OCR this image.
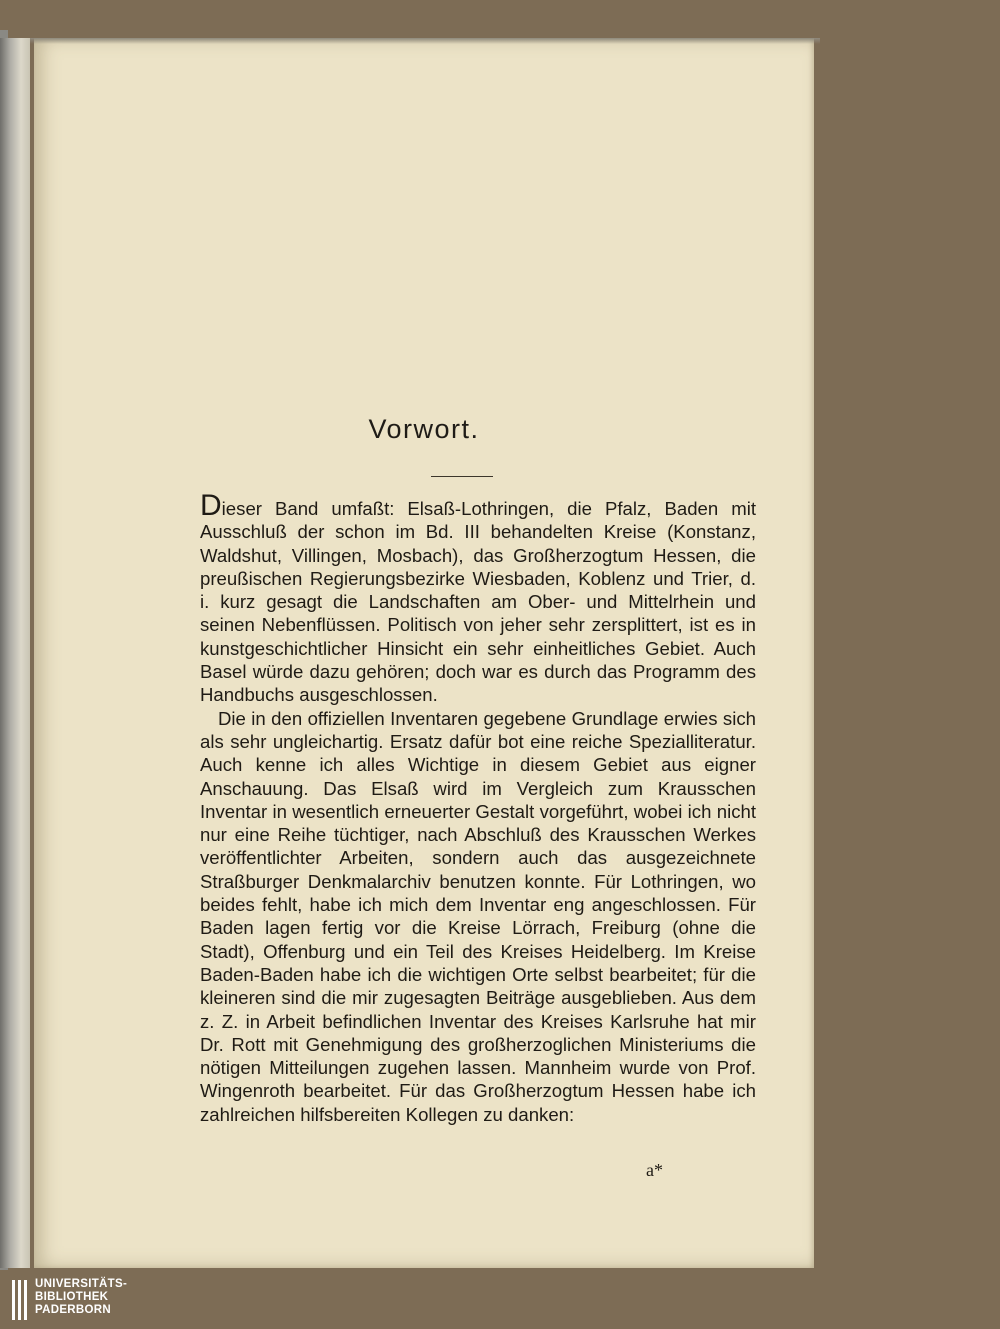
Vorwort.

Dieser Band umfaßt: Elsaß-Lothringen, die Pfalz, Baden mit Ausschluß der schon im Bd. III behandelten Kreise (Konstanz, Waldshut, Villingen, Mosbach), das Großherzogtum Hessen, die preußischen Regierungsbezirke Wiesbaden, Koblenz und Trier, d. i. kurz gesagt die Landschaften am Ober- und Mittelrhein und seinen Nebenflüssen. Politisch von jeher sehr zersplittert, ist es in kunstgeschichtlicher Hinsicht ein sehr einheitliches Gebiet. Auch Basel würde dazu gehören; doch war es durch das Programm des Handbuchs ausgeschlossen.

Die in den offiziellen Inventaren gegebene Grundlage erwies sich als sehr ungleichartig. Ersatz dafür bot eine reiche Spezialliteratur. Auch kenne ich alles Wichtige in diesem Gebiet aus eigner Anschauung. Das Elsaß wird im Vergleich zum Krausschen Inventar in wesentlich erneuerter Gestalt vorgeführt, wobei ich nicht nur eine Reihe tüchtiger, nach Abschluß des Krausschen Werkes veröffentlichter Arbeiten, sondern auch das ausgezeichnete Straßburger Denkmalarchiv benutzen konnte. Für Lothringen, wo beides fehlt, habe ich mich dem Inventar eng angeschlossen. Für Baden lagen fertig vor die Kreise Lörrach, Freiburg (ohne die Stadt), Offenburg und ein Teil des Kreises Heidelberg. Im Kreise Baden-Baden habe ich die wichtigen Orte selbst bearbeitet; für die kleineren sind die mir zugesagten Beiträge ausgeblieben. Aus dem z. Z. in Arbeit befindlichen Inventar des Kreises Karlsruhe hat mir Dr. Rott mit Genehmigung des großherzoglichen Ministeriums die nötigen Mitteilungen zugehen lassen. Mannheim wurde von Prof. Wingenroth bearbeitet. Für das Großherzogtum Hessen habe ich zahlreichen hilfsbereiten Kollegen zu danken:

a*
UNIVERSITÄTS-
BIBLIOTHEK
PADERBORN
